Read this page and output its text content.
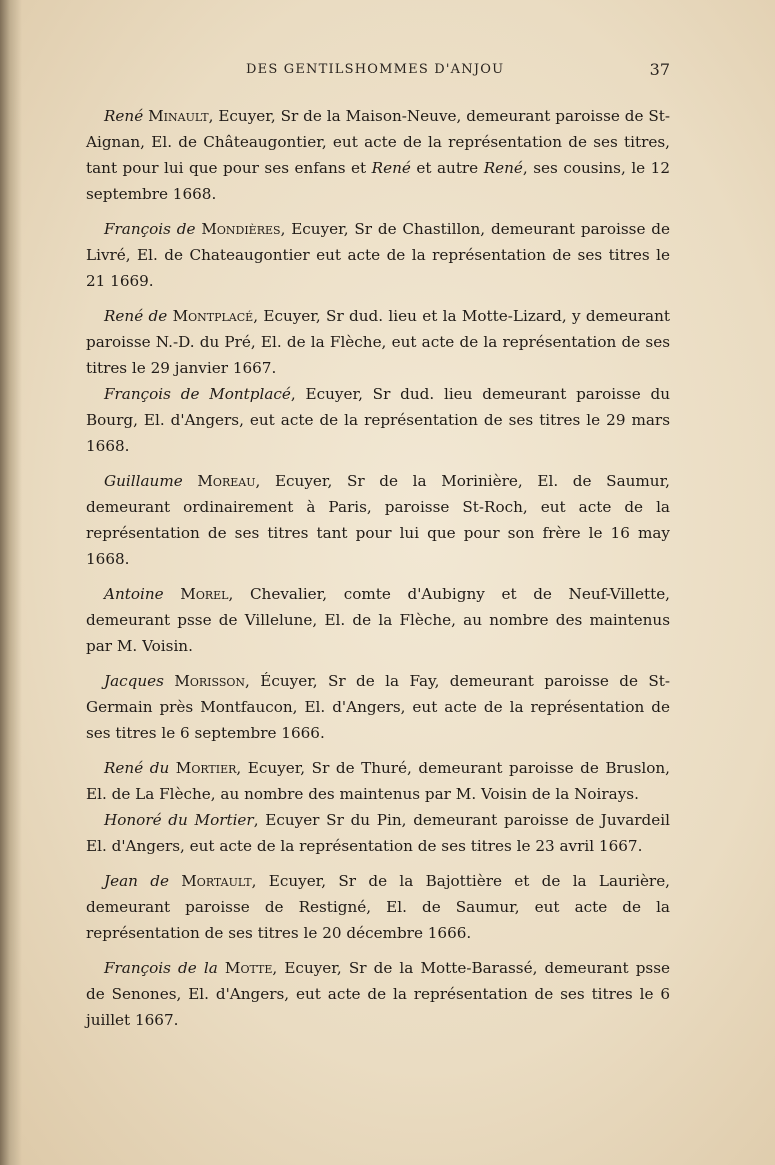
DES GENTILSHOMMES D'ANJOU	37

René Minault, Ecuyer, Sr de la Maison-Neuve, demeurant paroisse de St-Aignan, El. de Châteaugontier, eut acte de la représentation de ses titres, tant pour lui que pour ses enfans et René et autre René, ses cousins, le 12 septembre 1668.

François de Mondières, Ecuyer, Sr de Chastillon, demeurant paroisse de Livré, El. de Chateaugontier eut acte de la représentation de ses titres le 21 1669.

René de Montplacé, Ecuyer, Sr dud. lieu et la Motte-Lizard, y demeurant paroisse N.-D. du Pré, El. de la Flèche, eut acte de la représentation de ses titres le 29 janvier 1667.

François de Montplacé, Ecuyer, Sr dud. lieu demeurant paroisse du Bourg, El. d'Angers, eut acte de la représentation de ses titres le 29 mars 1668.

Guillaume Moreau, Ecuyer, Sr de la Morinière, El. de Saumur, demeurant ordinairement à Paris, paroisse St-Roch, eut acte de la représentation de ses titres tant pour lui que pour son frère le 16 may 1668.

Antoine Morel, Chevalier, comte d'Aubigny et de Neuf-Villette, demeurant psse de Villelune, El. de la Flèche, au nombre des maintenus par M. Voisin.

Jacques Morisson, Écuyer, Sr de la Fay, demeurant paroisse de St-Germain près Montfaucon, El. d'Angers, eut acte de la représentation de ses titres le 6 septembre 1666.

René du Mortier, Ecuyer, Sr de Thuré, demeurant paroisse de Bruslon, El. de La Flèche, au nombre des maintenus par M. Voisin de la Noirays.

Honoré du Mortier, Ecuyer Sr du Pin, demeurant paroisse de Juvardeil El. d'Angers, eut acte de la représentation de ses titres le 23 avril 1667.

Jean de Mortault, Ecuyer, Sr de la Bajottière et de la Laurière, demeurant paroisse de Restigné, El. de Saumur, eut acte de la représentation de ses titres le 20 décembre 1666.

François de la Motte, Ecuyer, Sr de la Motte-Barassé, demeurant psse de Senones, El. d'Angers, eut acte de la représentation de ses titres le 6 juillet 1667.
